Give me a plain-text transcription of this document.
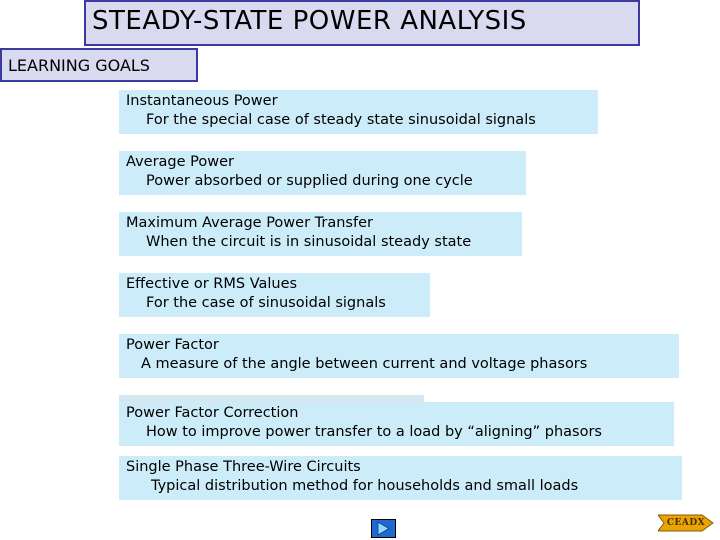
STEADY-STATE POWER ANALYSIS
LEARNING GOALS
Instantaneous Power
For the special case of steady state sinusoidal signals
Average Power
Power absorbed or supplied during one cycle
Maximum Average Power Transfer
When the circuit is in sinusoidal steady state
Effective or RMS Values
For the case of sinusoidal signals
Power Factor
A measure of the angle between current and voltage phasors
Power Factor Correction
How to improve power transfer to a load by “aligning” phasors
Single Phase Three-Wire Circuits
Typical distribution method for households and small loads
CEADX
